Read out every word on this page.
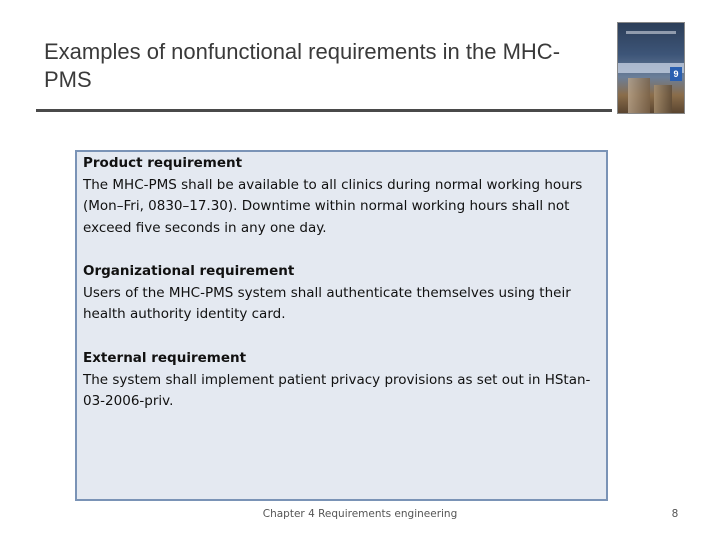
Examples of nonfunctional requirements in the MHC-PMS	9
Product requirement
The MHC-PMS shall be available to all clinics during normal working hours (Mon–Fri, 0830–17.30). Downtime within normal working hours shall not exceed five seconds in any one day.
Organizational requirement
Users of the MHC-PMS system shall authenticate themselves using their health authority identity card.
External requirement
The system shall implement patient privacy provisions as set out in HStan-03-2006-priv.
Chapter 4 Requirements engineering	8
